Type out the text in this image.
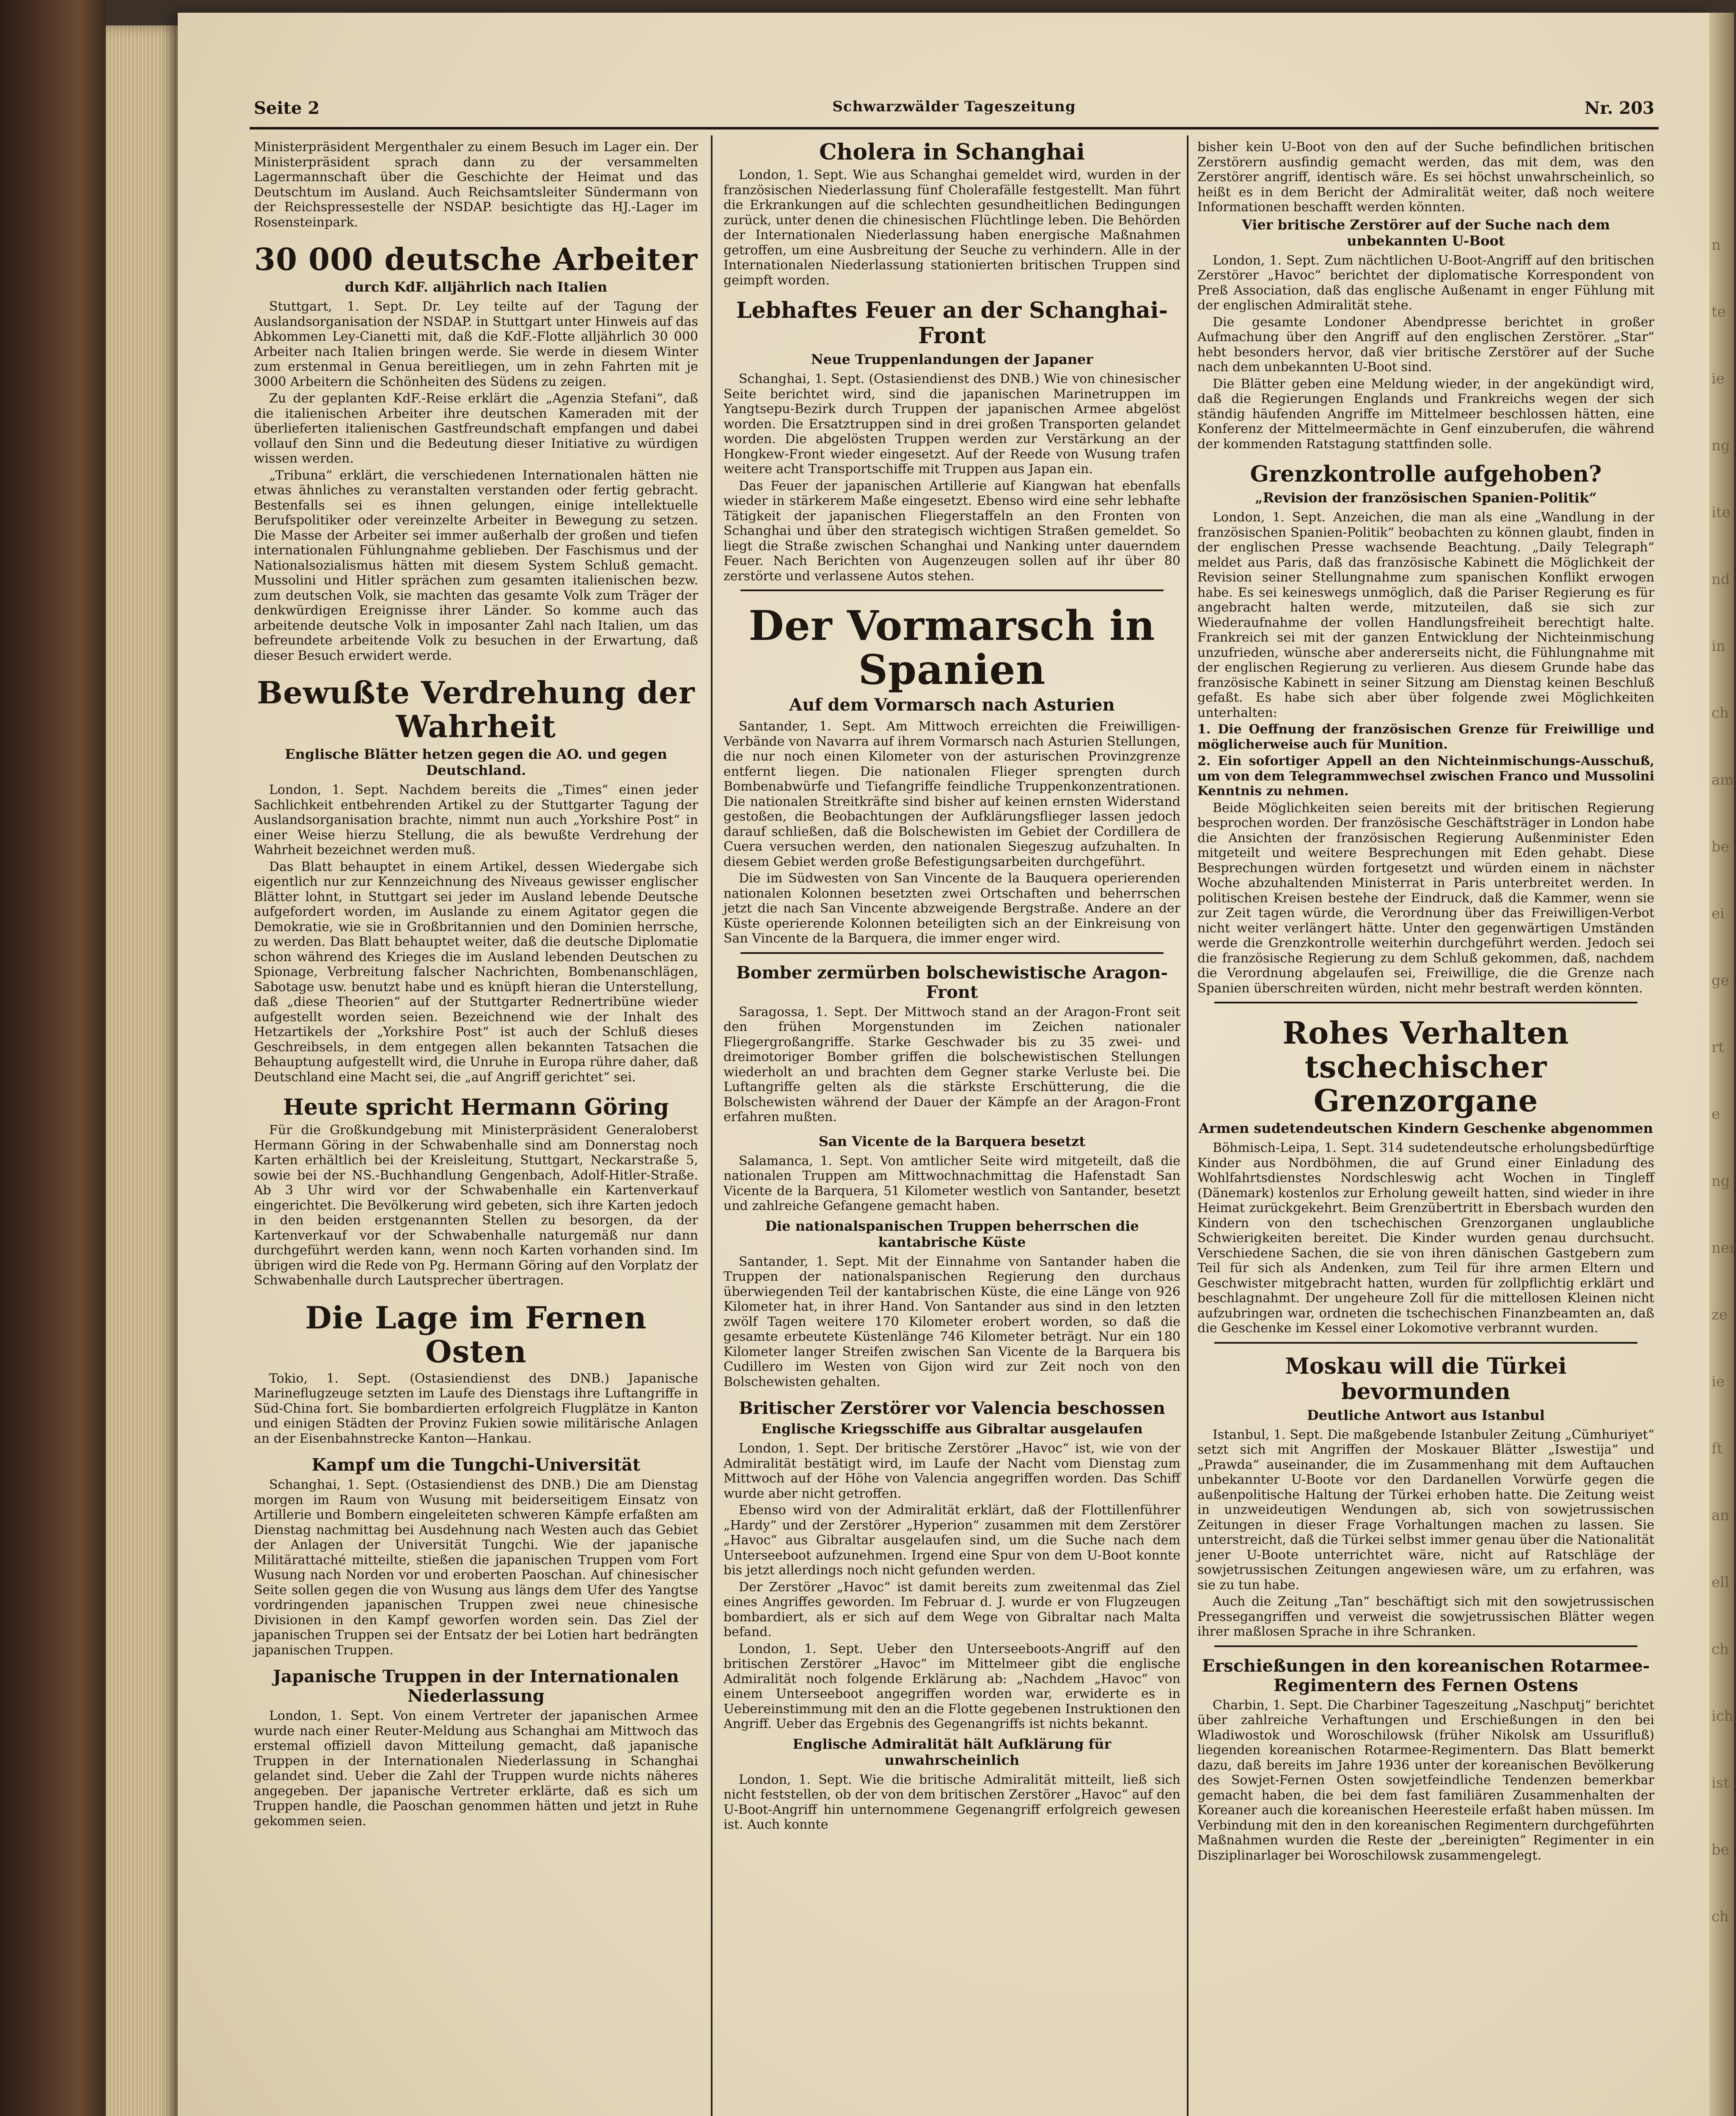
n
te
ie
ng
ite
nd
in
ch
am
be
ei
ge
rt
e
ng
ner
ze
ie
ft
an
ell
ch
ich
ist
be
ch
Seite 2	Schwarzwälder Tageszeitung	Nr. 203

Ministerpräsident Mergenthaler zu einem Besuch im Lager ein. Der Ministerpräsident sprach dann zu der versammelten Lagermannschaft über die Geschichte der Heimat und das Deutschtum im Ausland. Auch Reichsamtsleiter Sündermann von der Reichspressestelle der NSDAP. besichtigte das HJ.-Lager im Rosensteinpark.

30 000 deutsche Arbeiter
durch KdF. alljährlich nach Italien

Stuttgart, 1. Sept. Dr. Ley teilte auf der Tagung der Auslandsorganisation der NSDAP. in Stuttgart unter Hinweis auf das Abkommen Ley-Cianetti mit, daß die KdF.-Flotte alljährlich 30 000 Arbeiter nach Italien bringen werde. Sie werde in diesem Winter zum erstenmal in Genua bereitliegen, um in zehn Fahrten mit je 3000 Arbeitern die Schönheiten des Südens zu zeigen.

Zu der geplanten KdF.-Reise erklärt die „Agenzia Stefani“, daß die italienischen Arbeiter ihre deutschen Kameraden mit der überlieferten italienischen Gastfreundschaft empfangen und dabei vollauf den Sinn und die Bedeutung dieser Initiative zu würdigen wissen werden.

„Tribuna“ erklärt, die verschiedenen Internationalen hätten nie etwas ähnliches zu veranstalten verstanden oder fertig gebracht. Bestenfalls sei es ihnen gelungen, einige intellektuelle Berufspolitiker oder vereinzelte Arbeiter in Bewegung zu setzen. Die Masse der Arbeiter sei immer außerhalb der großen und tiefen internationalen Fühlungnahme geblieben. Der Faschismus und der Nationalsozialismus hätten mit diesem System Schluß gemacht. Mussolini und Hitler sprächen zum gesamten italienischen bezw. zum deutschen Volk, sie machten das gesamte Volk zum Träger der denkwürdigen Ereignisse ihrer Länder. So komme auch das arbeitende deutsche Volk in imposanter Zahl nach Italien, um das befreundete arbeitende Volk zu besuchen in der Erwartung, daß dieser Besuch erwidert werde.

Bewußte Verdrehung der Wahrheit
Englische Blätter hetzen gegen die AO. und gegen Deutschland.

London, 1. Sept. Nachdem bereits die „Times“ einen jeder Sachlichkeit entbehrenden Artikel zu der Stuttgarter Tagung der Auslandsorganisation brachte, nimmt nun auch „Yorkshire Post“ in einer Weise hierzu Stellung, die als bewußte Verdrehung der Wahrheit bezeichnet werden muß.

Das Blatt behauptet in einem Artikel, dessen Wiedergabe sich eigentlich nur zur Kennzeichnung des Niveaus gewisser englischer Blätter lohnt, in Stuttgart sei jeder im Ausland lebende Deutsche aufgefordert worden, im Auslande zu einem Agitator gegen die Demokratie, wie sie in Großbritannien und den Dominien herrsche, zu werden. Das Blatt behauptet weiter, daß die deutsche Diplomatie schon während des Krieges die im Ausland lebenden Deutschen zu Spionage, Verbreitung falscher Nachrichten, Bombenanschlägen, Sabotage usw. benutzt habe und es knüpft hieran die Unterstellung, daß „diese Theorien“ auf der Stuttgarter Rednertribüne wieder aufgestellt worden seien. Bezeichnend wie der Inhalt des Hetzartikels der „Yorkshire Post“ ist auch der Schluß dieses Geschreibsels, in dem entgegen allen bekannten Tatsachen die Behauptung aufgestellt wird, die Unruhe in Europa rühre daher, daß Deutschland eine Macht sei, die „auf Angriff gerichtet“ sei.

Heute spricht Hermann Göring

Für die Großkundgebung mit Ministerpräsident Generaloberst Hermann Göring in der Schwabenhalle sind am Donnerstag noch Karten erhältlich bei der Kreisleitung, Stuttgart, Neckarstraße 5, sowie bei der NS.-Buchhandlung Gengenbach, Adolf-Hitler-Straße. Ab 3 Uhr wird vor der Schwabenhalle ein Kartenverkauf eingerichtet. Die Bevölkerung wird gebeten, sich ihre Karten jedoch in den beiden erstgenannten Stellen zu besorgen, da der Kartenverkauf vor der Schwabenhalle naturgemäß nur dann durchgeführt werden kann, wenn noch Karten vorhanden sind. Im übrigen wird die Rede von Pg. Hermann Göring auf den Vorplatz der Schwabenhalle durch Lautsprecher übertragen.

Die Lage im Fernen Osten

Tokio, 1. Sept. (Ostasiendienst des DNB.) Japanische Marineflugzeuge setzten im Laufe des Dienstags ihre Luftangriffe in Süd-China fort. Sie bombardierten erfolgreich Flugplätze in Kanton und einigen Städten der Provinz Fukien sowie militärische Anlagen an der Eisenbahnstrecke Kanton—Hankau.

Kampf um die Tungchi-Universität

Schanghai, 1. Sept. (Ostasiendienst des DNB.) Die am Dienstag morgen im Raum von Wusung mit beiderseitigem Einsatz von Artillerie und Bombern eingeleiteten schweren Kämpfe erfaßten am Dienstag nachmittag bei Ausdehnung nach Westen auch das Gebiet der Anlagen der Universität Tungchi. Wie der japanische Militärattaché mitteilte, stießen die japanischen Truppen vom Fort Wusung nach Norden vor und eroberten Paoschan. Auf chinesischer Seite sollen gegen die von Wusung aus längs dem Ufer des Yangtse vordringenden japanischen Truppen zwei neue chinesische Divisionen in den Kampf geworfen worden sein. Das Ziel der japanischen Truppen sei der Entsatz der bei Lotien hart bedrängten japanischen Truppen.

Japanische Truppen in der Internationalen Niederlassung

London, 1. Sept. Von einem Vertreter der japanischen Armee wurde nach einer Reuter-Meldung aus Schanghai am Mittwoch das erstemal offiziell davon Mitteilung gemacht, daß japanische Truppen in der Internationalen Niederlassung in Schanghai gelandet sind. Ueber die Zahl der Truppen wurde nichts näheres angegeben. Der japanische Vertreter erklärte, daß es sich um Truppen handle, die Paoschan genommen hätten und jetzt in Ruhe gekommen seien.

Cholera in Schanghai

London, 1. Sept. Wie aus Schanghai gemeldet wird, wurden in der französischen Niederlassung fünf Cholerafälle festgestellt. Man führt die Erkrankungen auf die schlechten gesundheitlichen Bedingungen zurück, unter denen die chinesischen Flüchtlinge leben. Die Behörden der Internationalen Niederlassung haben energische Maßnahmen getroffen, um eine Ausbreitung der Seuche zu verhindern. Alle in der Internationalen Niederlassung stationierten britischen Truppen sind geimpft worden.

Lebhaftes Feuer an der Schanghai-Front
Neue Truppenlandungen der Japaner

Schanghai, 1. Sept. (Ostasiendienst des DNB.) Wie von chinesischer Seite berichtet wird, sind die japanischen Marinetruppen im Yangtsepu-Bezirk durch Truppen der japanischen Armee abgelöst worden. Die Ersatztruppen sind in drei großen Transporten gelandet worden. Die abgelösten Truppen werden zur Verstärkung an der Hongkew-Front wieder eingesetzt. Auf der Reede von Wusung trafen weitere acht Transportschiffe mit Truppen aus Japan ein.

Das Feuer der japanischen Artillerie auf Kiangwan hat ebenfalls wieder in stärkerem Maße eingesetzt. Ebenso wird eine sehr lebhafte Tätigkeit der japanischen Fliegerstaffeln an den Fronten von Schanghai und über den strategisch wichtigen Straßen gemeldet. So liegt die Straße zwischen Schanghai und Nanking unter dauerndem Feuer. Nach Berichten von Augenzeugen sollen auf ihr über 80 zerstörte und verlassene Autos stehen.

Der Vormarsch in Spanien
Auf dem Vormarsch nach Asturien

Santander, 1. Sept. Am Mittwoch erreichten die Freiwilligen-Verbände von Navarra auf ihrem Vormarsch nach Asturien Stellungen, die nur noch einen Kilometer von der asturischen Provinzgrenze entfernt liegen. Die nationalen Flieger sprengten durch Bombenabwürfe und Tiefangriffe feindliche Truppenkonzentrationen. Die nationalen Streitkräfte sind bisher auf keinen ernsten Widerstand gestoßen, die Beobachtungen der Aufklärungsflieger lassen jedoch darauf schließen, daß die Bolschewisten im Gebiet der Cordillera de Cuera versuchen werden, den nationalen Siegeszug aufzuhalten. In diesem Gebiet werden große Befestigungsarbeiten durchgeführt.

Die im Südwesten von San Vincente de la Bauquera operierenden nationalen Kolonnen besetzten zwei Ortschaften und beherrschen jetzt die nach San Vincente abzweigende Bergstraße. Andere an der Küste operierende Kolonnen beteiligten sich an der Einkreisung von San Vincente de la Barquera, die immer enger wird.

Bomber zermürben bolschewistische Aragon-Front

Saragossa, 1. Sept. Der Mittwoch stand an der Aragon-Front seit den frühen Morgenstunden im Zeichen nationaler Fliegergroßangriffe. Starke Geschwader bis zu 35 zwei- und dreimotoriger Bomber griffen die bolschewistischen Stellungen wiederholt an und brachten dem Gegner starke Verluste bei. Die Luftangriffe gelten als die stärkste Erschütterung, die die Bolschewisten während der Dauer der Kämpfe an der Aragon-Front erfahren mußten.

San Vicente de la Barquera besetzt

Salamanca, 1. Sept. Von amtlicher Seite wird mitgeteilt, daß die nationalen Truppen am Mittwochnachmittag die Hafenstadt San Vicente de la Barquera, 51 Kilometer westlich von Santander, besetzt und zahlreiche Gefangene gemacht haben.

Die nationalspanischen Truppen beherrschen die kantabrische Küste

Santander, 1. Sept. Mit der Einnahme von Santander haben die Truppen der nationalspanischen Regierung den durchaus überwiegenden Teil der kantabrischen Küste, die eine Länge von 926 Kilometer hat, in ihrer Hand. Von Santander aus sind in den letzten zwölf Tagen weitere 170 Kilometer erobert worden, so daß die gesamte erbeutete Küstenlänge 746 Kilometer beträgt. Nur ein 180 Kilometer langer Streifen zwischen San Vicente de la Barquera bis Cudillero im Westen von Gijon wird zur Zeit noch von den Bolschewisten gehalten.

Britischer Zerstörer vor Valencia beschossen
Englische Kriegsschiffe aus Gibraltar ausgelaufen

London, 1. Sept. Der britische Zerstörer „Havoc“ ist, wie von der Admiralität bestätigt wird, im Laufe der Nacht vom Dienstag zum Mittwoch auf der Höhe von Valencia angegriffen worden. Das Schiff wurde aber nicht getroffen.

Ebenso wird von der Admiralität erklärt, daß der Flottillenführer „Hardy“ und der Zerstörer „Hyperion“ zusammen mit dem Zerstörer „Havoc“ aus Gibraltar ausgelaufen sind, um die Suche nach dem Unterseeboot aufzunehmen. Irgend eine Spur von dem U-Boot konnte bis jetzt allerdings noch nicht gefunden werden.

Der Zerstörer „Havoc“ ist damit bereits zum zweitenmal das Ziel eines Angriffes geworden. Im Februar d. J. wurde er von Flugzeugen bombardiert, als er sich auf dem Wege von Gibraltar nach Malta befand.

London, 1. Sept. Ueber den Unterseeboots-Angriff auf den britischen Zerstörer „Havoc“ im Mittelmeer gibt die englische Admiralität noch folgende Erklärung ab: „Nachdem „Havoc“ von einem Unterseeboot angegriffen worden war, erwiderte es in Uebereinstimmung mit den an die Flotte gegebenen Instruktionen den Angriff. Ueber das Ergebnis des Gegenangriffs ist nichts bekannt.

Englische Admiralität hält Aufklärung für unwahrscheinlich

London, 1. Sept. Wie die britische Admiralität mitteilt, ließ sich nicht feststellen, ob der von dem britischen Zerstörer „Havoc“ auf den U-Boot-Angriff hin unternommene Gegenangriff erfolgreich gewesen ist. Auch konnte

bisher kein U-Boot von den auf der Suche befindlichen britischen Zerstörern ausfindig gemacht werden, das mit dem, was den Zerstörer angriff, identisch wäre. Es sei höchst unwahrscheinlich, so heißt es in dem Bericht der Admiralität weiter, daß noch weitere Informationen beschafft werden könnten.

Vier britische Zerstörer auf der Suche nach dem unbekannten U-Boot

London, 1. Sept. Zum nächtlichen U-Boot-Angriff auf den britischen Zerstörer „Havoc“ berichtet der diplomatische Korrespondent von Preß Association, daß das englische Außenamt in enger Fühlung mit der englischen Admiralität stehe.

Die gesamte Londoner Abendpresse berichtet in großer Aufmachung über den Angriff auf den englischen Zerstörer. „Star“ hebt besonders hervor, daß vier britische Zerstörer auf der Suche nach dem unbekannten U-Boot sind.

Die Blätter geben eine Meldung wieder, in der angekündigt wird, daß die Regierungen Englands und Frankreichs wegen der sich ständig häufenden Angriffe im Mittelmeer beschlossen hätten, eine Konferenz der Mittelmeermächte in Genf einzuberufen, die während der kommenden Ratstagung stattfinden solle.

Grenzkontrolle aufgehoben?
„Revision der französischen Spanien-Politik“

London, 1. Sept. Anzeichen, die man als eine „Wandlung in der französischen Spanien-Politik“ beobachten zu können glaubt, finden in der englischen Presse wachsende Beachtung. „Daily Telegraph“ meldet aus Paris, daß das französische Kabinett die Möglichkeit der Revision seiner Stellungnahme zum spanischen Konflikt erwogen habe. Es sei keineswegs unmöglich, daß die Pariser Regierung es für angebracht halten werde, mitzuteilen, daß sie sich zur Wiederaufnahme der vollen Handlungsfreiheit berechtigt halte. Frankreich sei mit der ganzen Entwicklung der Nichteinmischung unzufrieden, wünsche aber andererseits nicht, die Fühlungnahme mit der englischen Regierung zu verlieren. Aus diesem Grunde habe das französische Kabinett in seiner Sitzung am Dienstag keinen Beschluß gefaßt. Es habe sich aber über folgende zwei Möglichkeiten unterhalten:

1. Die Oeffnung der französischen Grenze für Freiwillige und möglicherweise auch für Munition.

2. Ein sofortiger Appell an den Nichteinmischungs-Ausschuß, um von dem Telegrammwechsel zwischen Franco und Mussolini Kenntnis zu nehmen.

Beide Möglichkeiten seien bereits mit der britischen Regierung besprochen worden. Der französische Geschäftsträger in London habe die Ansichten der französischen Regierung Außenminister Eden mitgeteilt und weitere Besprechungen mit Eden gehabt. Diese Besprechungen würden fortgesetzt und würden einem in nächster Woche abzuhaltenden Ministerrat in Paris unterbreitet werden. In politischen Kreisen bestehe der Eindruck, daß die Kammer, wenn sie zur Zeit tagen würde, die Verordnung über das Freiwilligen-Verbot nicht weiter verlängert hätte. Unter den gegenwärtigen Umständen werde die Grenzkontrolle weiterhin durchgeführt werden. Jedoch sei die französische Regierung zu dem Schluß gekommen, daß, nachdem die Verordnung abgelaufen sei, Freiwillige, die die Grenze nach Spanien überschreiten würden, nicht mehr bestraft werden könnten.

Rohes Verhalten tschechischer Grenzorgane
Armen sudetendeutschen Kindern Geschenke abgenommen

Böhmisch-Leipa, 1. Sept. 314 sudetendeutsche erholungsbedürftige Kinder aus Nordböhmen, die auf Grund einer Einladung des Wohlfahrtsdienstes Nordschleswig acht Wochen in Tingleff (Dänemark) kostenlos zur Erholung geweilt hatten, sind wieder in ihre Heimat zurückgekehrt. Beim Grenzübertritt in Ebersbach wurden den Kindern von den tschechischen Grenzorganen unglaubliche Schwierigkeiten bereitet. Die Kinder wurden genau durchsucht. Verschiedene Sachen, die sie von ihren dänischen Gastgebern zum Teil für sich als Andenken, zum Teil für ihre armen Eltern und Geschwister mitgebracht hatten, wurden für zollpflichtig erklärt und beschlagnahmt. Der ungeheure Zoll für die mittellosen Kleinen nicht aufzubringen war, ordneten die tschechischen Finanzbeamten an, daß die Geschenke im Kessel einer Lokomotive verbrannt wurden.

Moskau will die Türkei bevormunden
Deutliche Antwort aus Istanbul

Istanbul, 1. Sept. Die maßgebende Istanbuler Zeitung „Cümhuriyet“ setzt sich mit Angriffen der Moskauer Blätter „Iswestija“ und „Prawda“ auseinander, die im Zusammenhang mit dem Auftauchen unbekannter U-Boote vor den Dardanellen Vorwürfe gegen die außenpolitische Haltung der Türkei erhoben hatte. Die Zeitung weist in unzweideutigen Wendungen ab, sich von sowjetrussischen Zeitungen in dieser Frage Vorhaltungen machen zu lassen. Sie unterstreicht, daß die Türkei selbst immer genau über die Nationalität jener U-Boote unterrichtet wäre, nicht auf Ratschläge der sowjetrussischen Zeitungen angewiesen wäre, um zu erfahren, was sie zu tun habe.

Auch die Zeitung „Tan“ beschäftigt sich mit den sowjetrussischen Pressegangriffen und verweist die sowjetrussischen Blätter wegen ihrer maßlosen Sprache in ihre Schranken.

Erschießungen in den koreanischen Rotarmee-Regimentern des Fernen Ostens

Charbin, 1. Sept. Die Charbiner Tageszeitung „Naschputj“ berichtet über zahlreiche Verhaftungen und Erschießungen in den bei Wladiwostok und Woroschilowsk (früher Nikolsk am Ussurifluß) liegenden koreanischen Rotarmee-Regimentern. Das Blatt bemerkt dazu, daß bereits im Jahre 1936 unter der koreanischen Bevölkerung des Sowjet-Fernen Osten sowjetfeindliche Tendenzen bemerkbar gemacht haben, die bei dem fast familiären Zusammenhalten der Koreaner auch die koreanischen Heeresteile erfaßt haben müssen. Im Verbindung mit den in den koreanischen Regimentern durchgeführten Maßnahmen wurden die Reste der „bereinigten“ Regimenter in ein Disziplinarlager bei Woroschilowsk zusammengelegt.
